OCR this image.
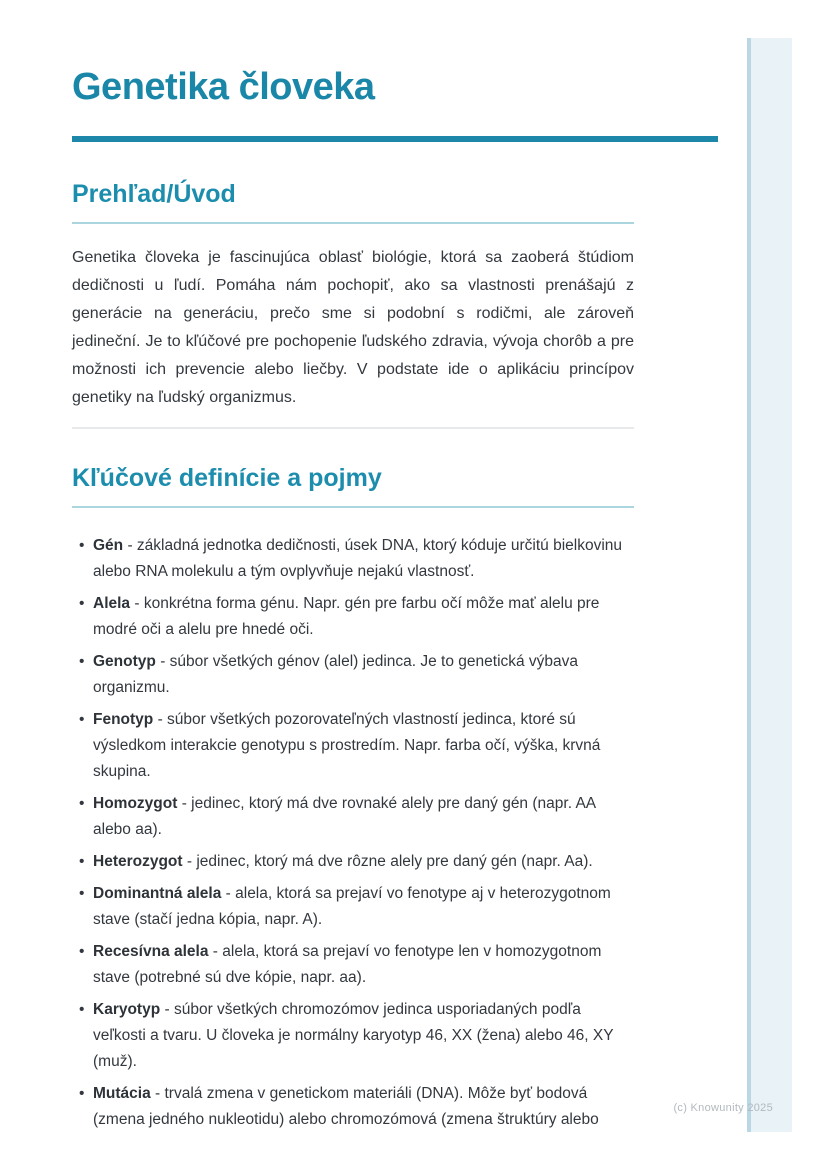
Genetika človeka
Prehľad/Úvod

Genetika človeka je fascinujúca oblasť biológie, ktorá sa zaoberá štúdiom dedičnosti u ľudí. Pomáha nám pochopiť, ako sa vlastnosti prenášajú z generácie na generáciu, prečo sme si podobní s rodičmi, ale zároveň jedineční. Je to kľúčové pre pochopenie ľudského zdravia, vývoja chorôb a pre možnosti ich prevencie alebo liečby. V podstate ide o aplikáciu princípov genetiky na ľudský organizmus.

Kľúčové definície a pojmy
• Gén - základná jednotka dedičnosti, úsek DNA, ktorý kóduje určitú bielkovinu alebo RNA molekulu a tým ovplyvňuje nejakú vlastnosť.
• Alela - konkrétna forma génu. Napr. gén pre farbu očí môže mať alelu pre modré oči a alelu pre hnedé oči.
• Genotyp - súbor všetkých génov (alel) jedinca. Je to genetická výbava organizmu.
• Fenotyp - súbor všetkých pozorovateľných vlastností jedinca, ktoré sú výsledkom interakcie genotypu s prostredím. Napr. farba očí, výška, krvná skupina.
• Homozygot - jedinec, ktorý má dve rovnaké alely pre daný gén (napr. AA alebo aa).
• Heterozygot - jedinec, ktorý má dve rôzne alely pre daný gén (napr. Aa).
• Dominantná alela - alela, ktorá sa prejaví vo fenotype aj v heterozygotnom stave (stačí jedna kópia, napr. A).
• Recesívna alela - alela, ktorá sa prejaví vo fenotype len v homozygotnom stave (potrebné sú dve kópie, napr. aa).
• Karyotyp - súbor všetkých chromozómov jedinca usporiadaných podľa veľkosti a tvaru. U človeka je normálny karyotyp 46, XX (žena) alebo 46, XY (muž).
• Mutácia - trvalá zmena v genetickom materiáli (DNA). Môže byť bodová (zmena jedného nukleotidu) alebo chromozómová (zmena štruktúry alebo
(c) Knowunity 2025
